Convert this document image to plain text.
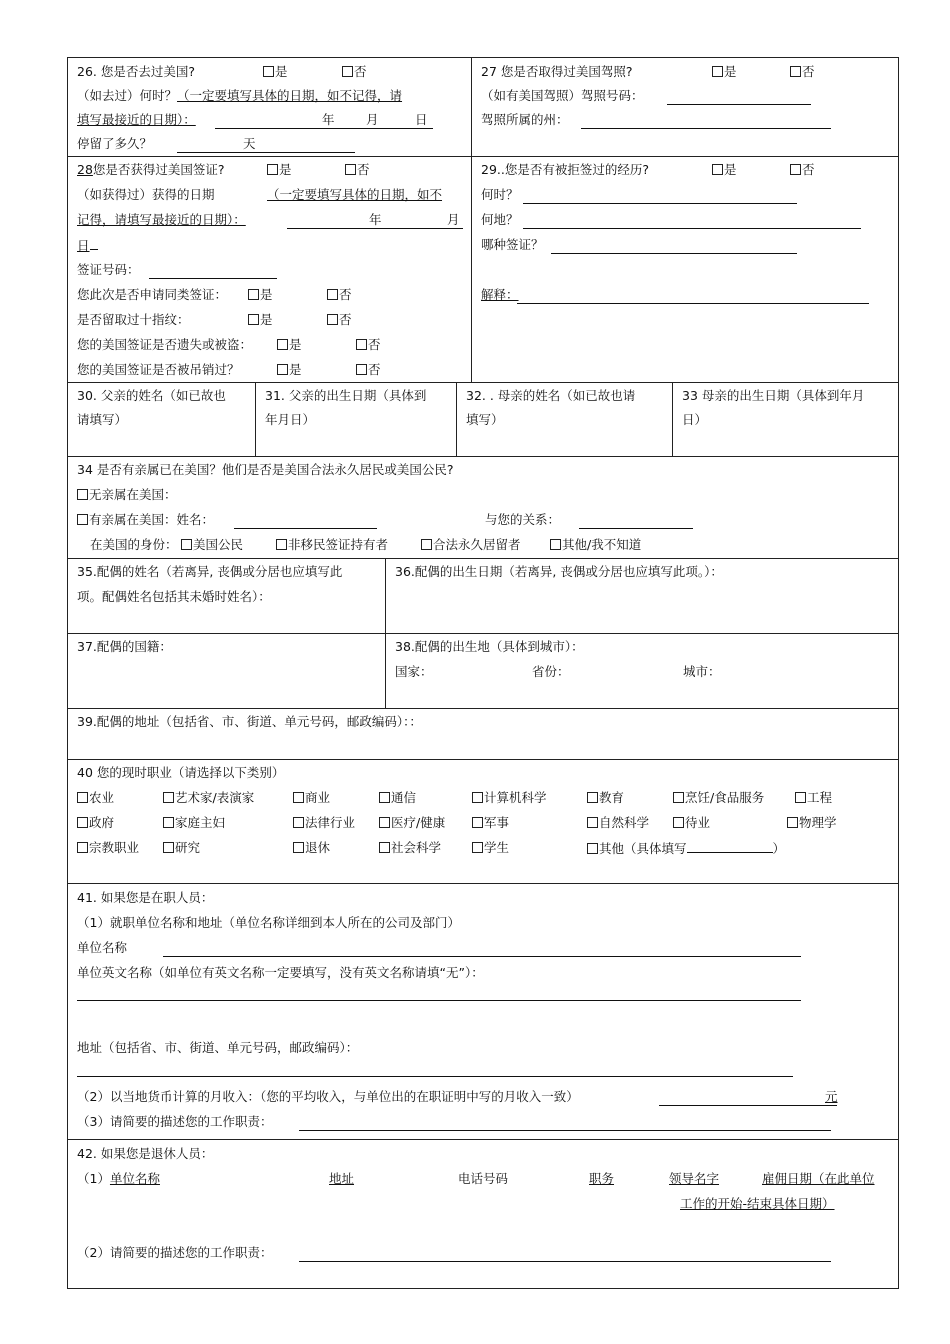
26. 您是否去过美国?	是	否
（如去过）何时？（一定要填写具体的日期，如不记得，请
填写最接近的日期）：	年	月	日
停留了多久？	天
27 您是否取得过美国驾照?	是	否
（如有美国驾照）驾照号码：
驾照所属的州：
28您是否获得过美国签证?	是	否
（如获得过）获得的日期	（一定要填写具体的日期，如不
记得，请填写最接近的日期）：	年	月
日
签证号码：
您此次是否申请同类签证：	是	否
是否留取过十指纹：	是	否
您的美国签证是否遗失或被盗：	是	否
您的美国签证是否被吊销过？	是	否
29..您是否有被拒签过的经历?	是	否
何时？
何地？
哪种签证？
解释：
30. 父亲的姓名（如已故也
请填写）
31. 父亲的出生日期（具体到
年月日）
32. . 母亲的姓名（如已故也请
填写）
33 母亲的出生日期（具体到年月
日）
34 是否有亲属已在美国？他们是否是美国合法永久居民或美国公民?
无亲属在美国：
有亲属在美国：姓名：	与您的关系：
在美国的身份：	美国公民	非移民签证持有者	合法永久居留者	其他/我不知道
35.配偶的姓名（若离异, 丧偶或分居也应填写此
项。配偶姓名包括其未婚时姓名）：
36.配偶的出生日期（若离异, 丧偶或分居也应填写此项。）：
37.配偶的国籍：	38.配偶的出生地（具体到城市）：
国家：	省份：	城市：
39.配偶的地址（包括省、市、街道、单元号码，邮政编码）：：
40 您的现时职业（请选择以下类别）
农业	艺术家/表演家	商业	通信	计算机科学	教育	烹饪/食品服务	工程
政府	家庭主妇	法律行业	医疗/健康	军事	自然科学	待业	物理学
宗教职业	研究	退休	社会科学	学生	其他（具体填写	）
41. 如果您是在职人员：
（1）就职单位名称和地址（单位名称详细到本人所在的公司及部门）
单位名称
单位英文名称（如单位有英文名称一定要填写，没有英文名称请填“无”）：
地址（包括省、市、街道、单元号码，邮政编码）：
（2）以当地货币计算的月收入：（您的平均收入，与单位出的在职证明中写的月收入一致）	元
（3）请简要的描述您的工作职责：
42. 如果您是退休人员：
（1）单位名称	地址	电话号码	职务	领导名字	雇佣日期（在此单位
工作的开始-结束具体日期）
（2）请简要的描述您的工作职责：
